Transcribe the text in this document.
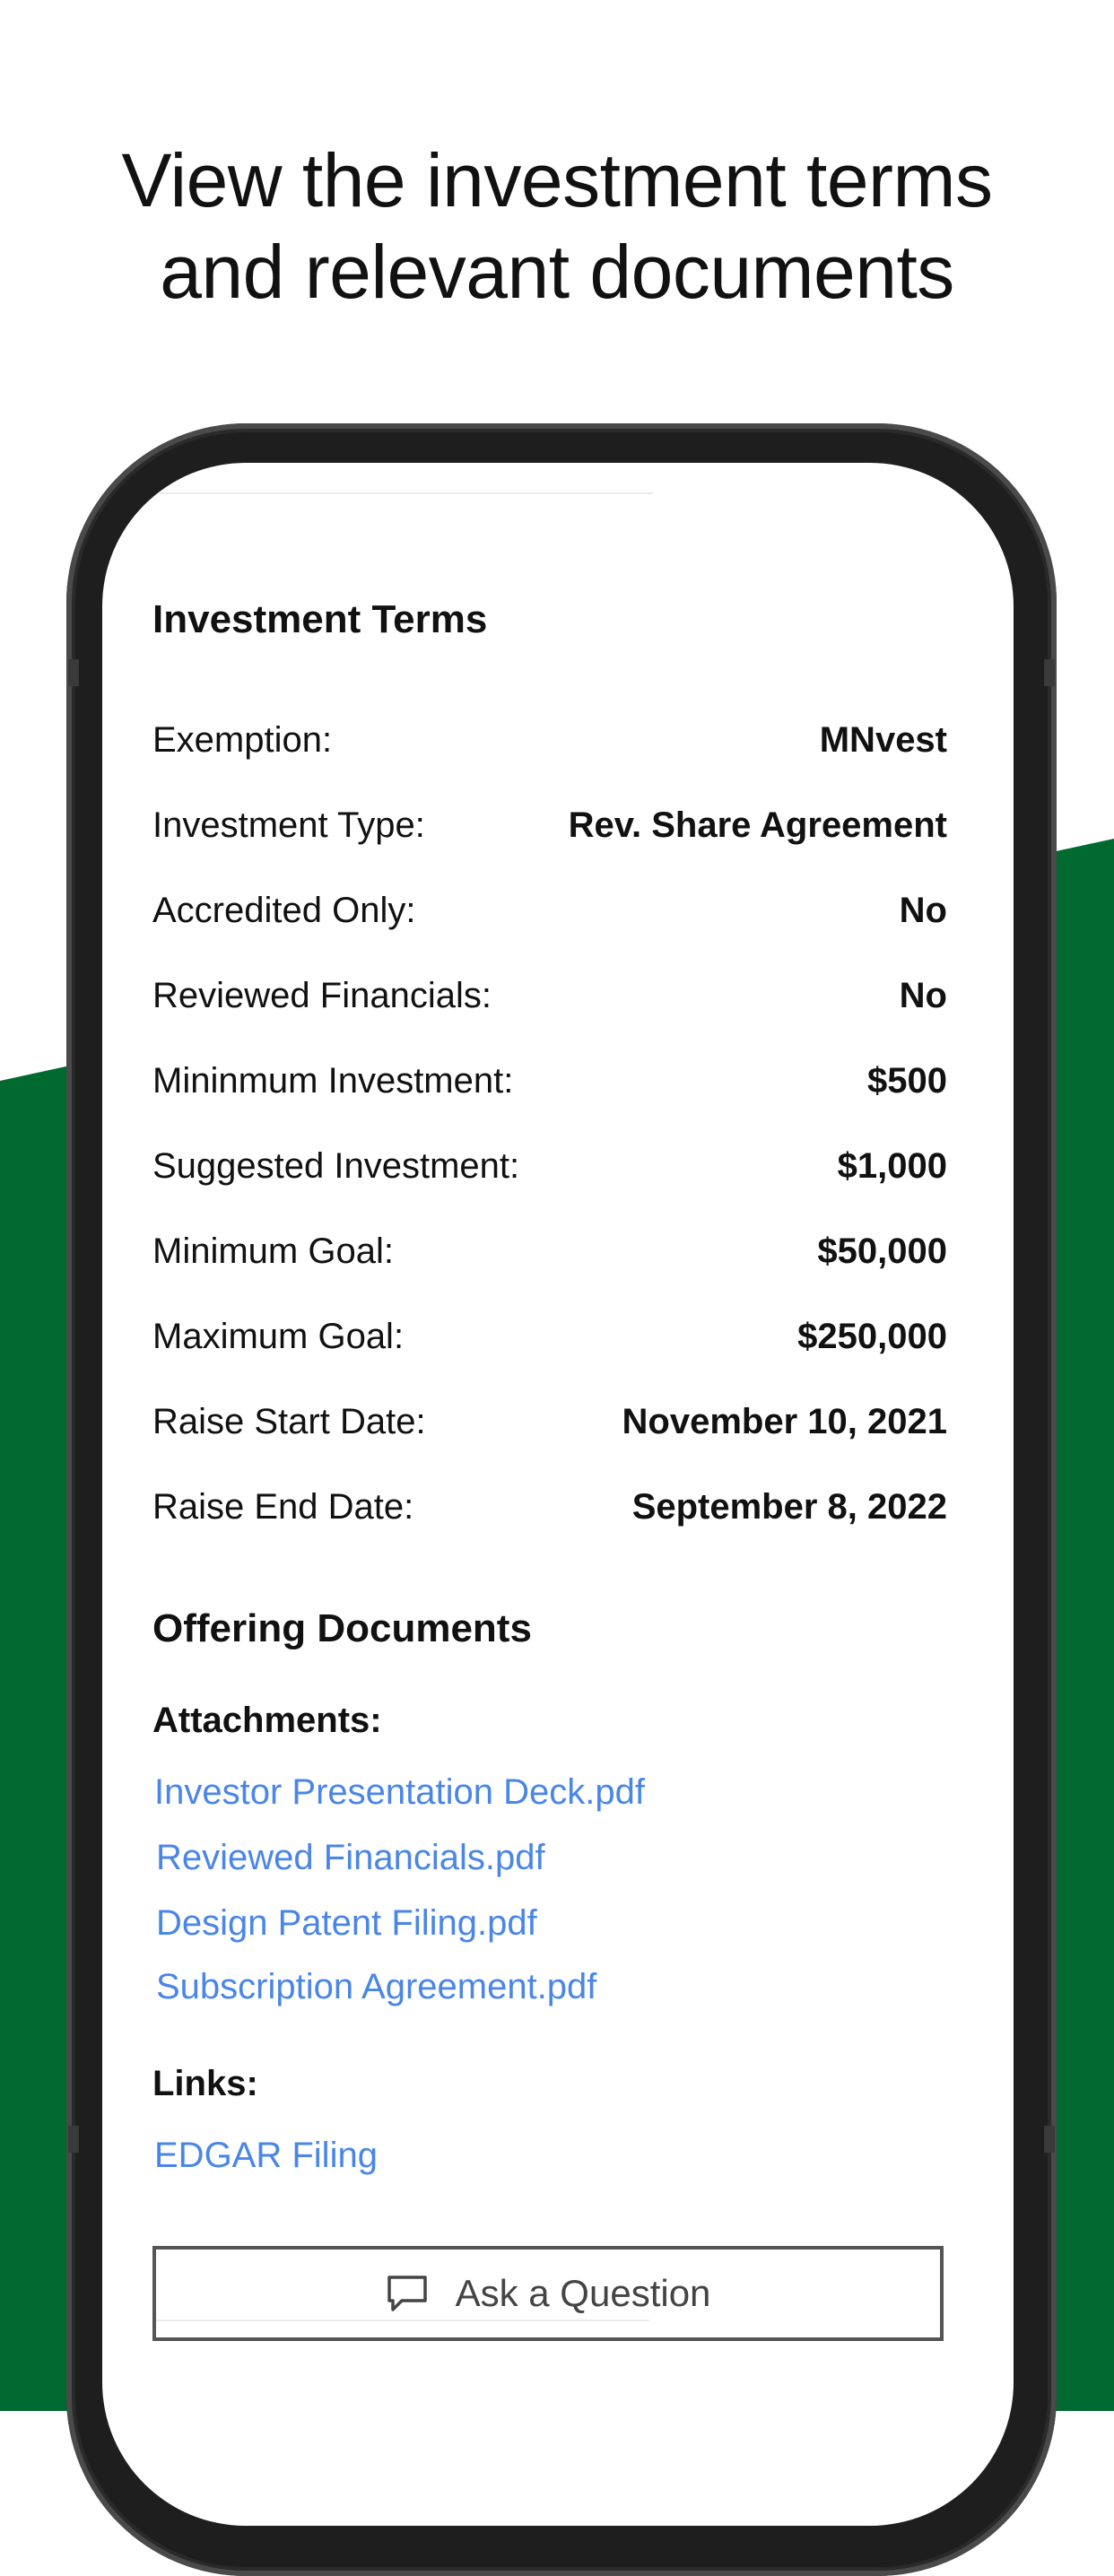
View the investment terms
and relevant documents
Investment Terms
Exemption:	MNvest
Investment Type:	Rev. Share Agreement
Accredited Only:	No
Reviewed Financials:	No
Mininmum Investment:	$500
Suggested Investment:	$1,000
Minimum Goal:	$50,000
Maximum Goal:	$250,000
Raise Start Date:	November 10, 2021
Raise End Date:	September 8, 2022
Offering Documents
Attachments:
Investor Presentation Deck.pdf
Reviewed Financials.pdf
Design Patent Filing.pdf
Subscription Agreement.pdf
Links:
EDGAR Filing
Ask a Question
